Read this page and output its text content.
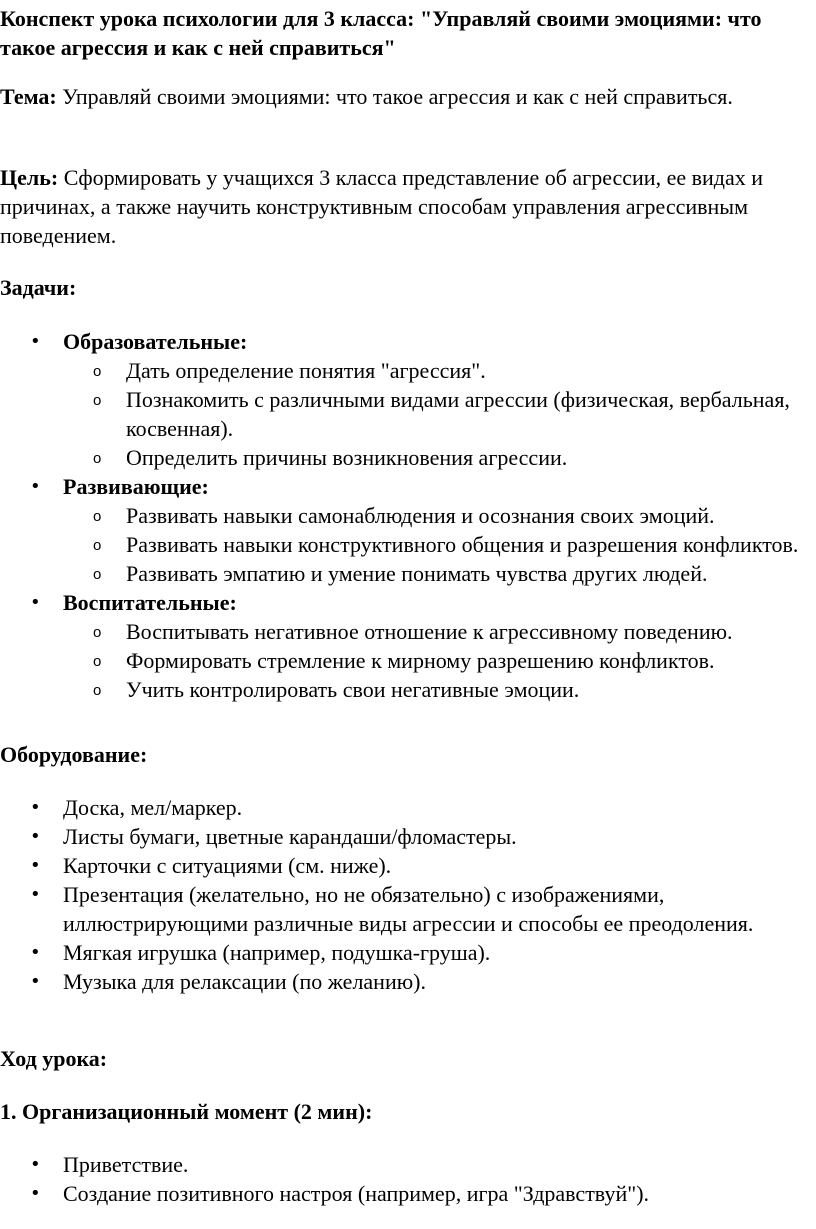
Конспект урока психологии для 3 класса: "Управляй своими эмоциями: что такое агрессия и как с ней справиться"
Тема: Управляй своими эмоциями: что такое агрессия и как с ней справиться.
Цель: Сформировать у учащихся 3 класса представление об агрессии, ее видах и причинах, а также научить конструктивным способам управления агрессивным поведением.
Задачи:
• Образовательные:
o Дать определение понятия "агрессия".
o Познакомить с различными видами агрессии (физическая, вербальная, косвенная).
o Определить причины возникновения агрессии.
• Развивающие:
o Развивать навыки самонаблюдения и осознания своих эмоций.
o Развивать навыки конструктивного общения и разрешения конфликтов.
o Развивать эмпатию и умение понимать чувства других людей.
• Воспитательные:
o Воспитывать негативное отношение к агрессивному поведению.
o Формировать стремление к мирному разрешению конфликтов.
o Учить контролировать свои негативные эмоции.
Оборудование:
• Доска, мел/маркер.
• Листы бумаги, цветные карандаши/фломастеры.
• Карточки с ситуациями (см. ниже).
• Презентация (желательно, но не обязательно) с изображениями, иллюстрирующими различные виды агрессии и способы ее преодоления.
• Мягкая игрушка (например, подушка-груша).
• Музыка для релаксации (по желанию).
Ход урока:
1. Организационный момент (2 мин):
• Приветствие.
• Создание позитивного настроя (например, игра "Здравствуй").
